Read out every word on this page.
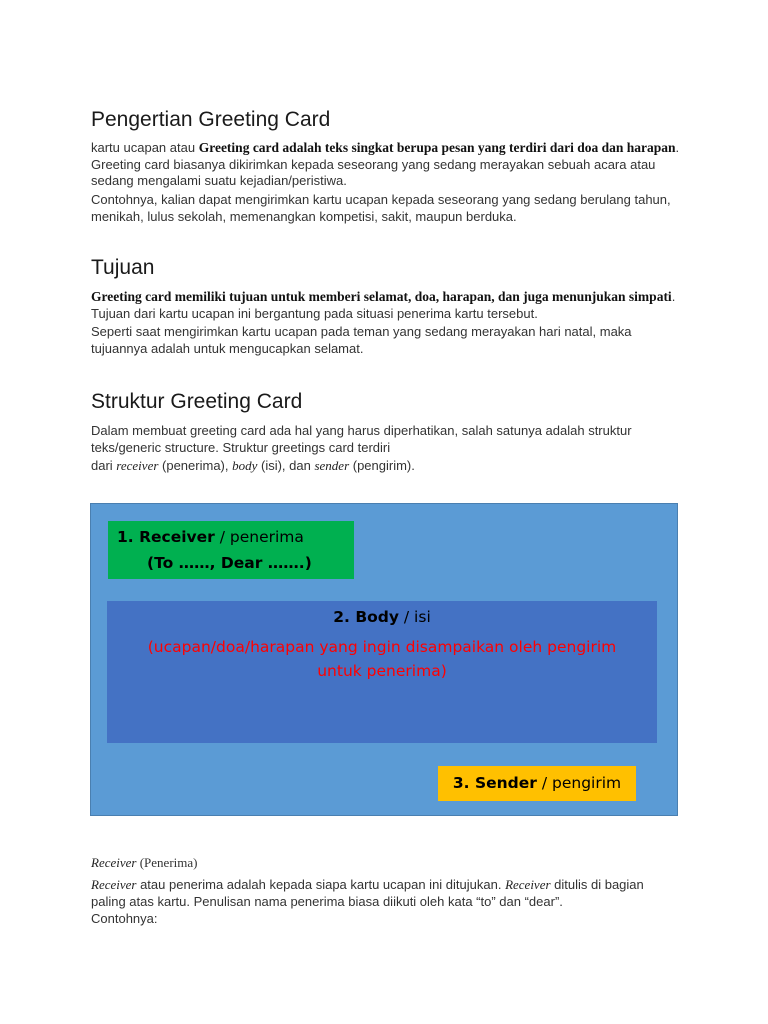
Pengertian Greeting Card

kartu ucapan atau Greeting card adalah teks singkat berupa pesan yang terdiri dari doa dan harapan. Greeting card biasanya dikirimkan kepada seseorang yang sedang merayakan sebuah acara atau sedang mengalami suatu kejadian/peristiwa.

Contohnya, kalian dapat mengirimkan kartu ucapan kepada seseorang yang sedang berulang tahun, menikah, lulus sekolah, memenangkan kompetisi, sakit, maupun berduka.

Tujuan

Greeting card memiliki tujuan untuk memberi selamat, doa, harapan, dan juga menunjukan simpati. Tujuan dari kartu ucapan ini bergantung pada situasi penerima kartu tersebut.

Seperti saat mengirimkan kartu ucapan pada teman yang sedang merayakan hari natal, maka tujuannya adalah untuk mengucapkan selamat.

Struktur Greeting Card

Dalam membuat greeting card ada hal yang harus diperhatikan, salah satunya adalah struktur teks/generic structure. Struktur greetings card terdiri

dari receiver (penerima), body (isi), dan sender (pengirim).

1. Receiver / penerima
(To ……, Dear …….)
2. Body / isi
(ucapan/doa/harapan yang ingin disampaikan oleh pengirim untuk penerima)
3. Sender / pengirim

Receiver (Penerima)

Receiver atau penerima adalah kepada siapa kartu ucapan ini ditujukan. Receiver ditulis di bagian paling atas kartu. Penulisan nama penerima biasa diikuti oleh kata “to” dan “dear”.

Contohnya:
